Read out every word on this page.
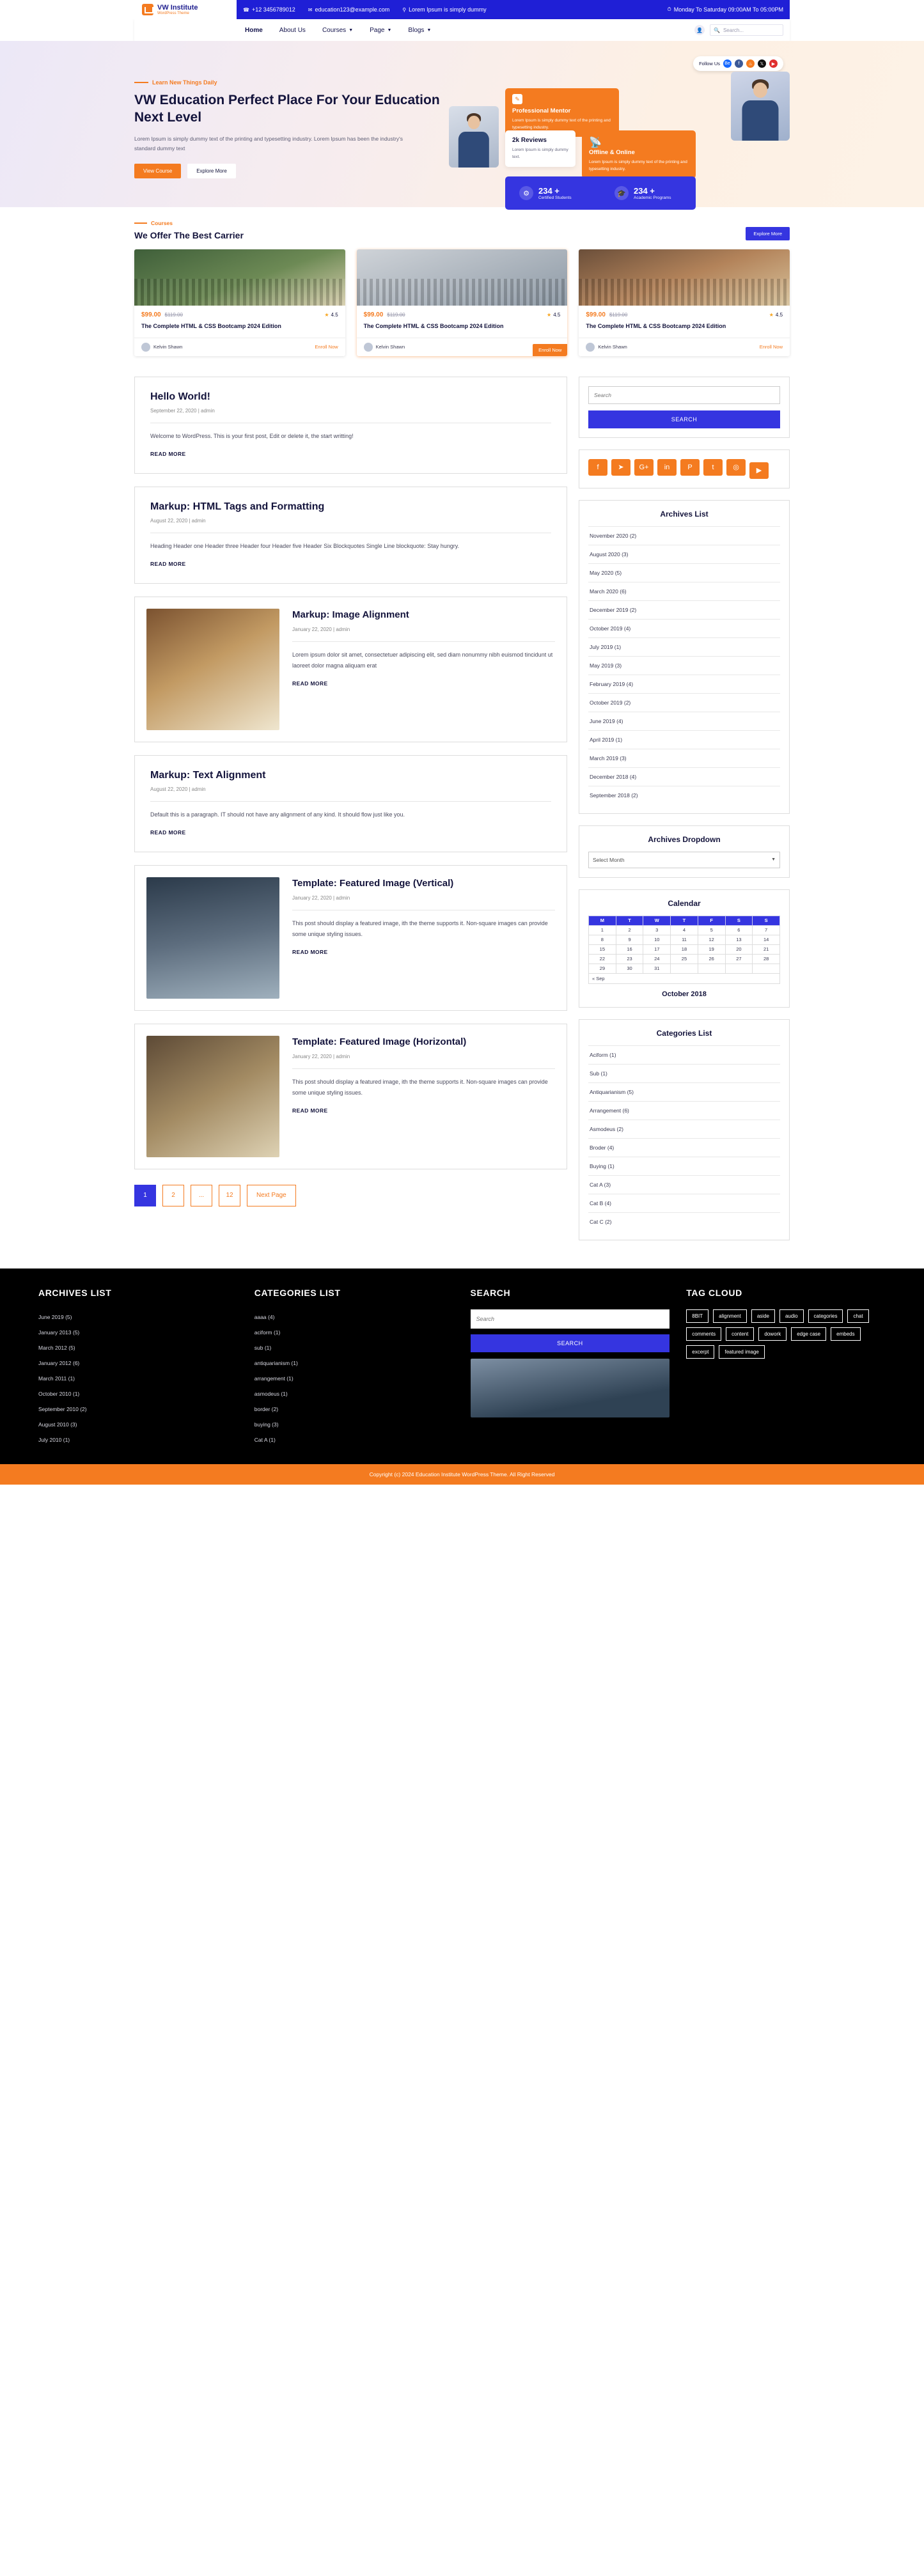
VW Institute
WordPress Theme
☎ +12 3456789012	✉ education123@example.com	⚲ Lorem Ipsum is simply dummy	⏱ Monday To Saturday 09:00AM To 05:00PM
Home	About Us	Courses ▼	Page ▼	Blogs ▼	👤	🔍 Search...
Learn New Things Daily
VW Education Perfect Place For Your Education Next Level
Lorem Ipsum is simply dummy text of the printing and typesetting industry. Lorem Ipsum has been the industry's standard dummy text
View Course	Explore More
Follow Us	Be	f	♨	𝕏	▶
✎
Professional Mentor

Lorem Ipsum is simply dummy text of the printing and typesetting industry.

2k Reviews

Lorem Ipsum is simply dummy text.

📡
Offline & Online

Lorem Ipsum is simply dummy text of the printing and typesetting industry.

⚙	234 +
Certified Students
🎓 234 +
Academic Programs
Courses
We Offer The Best Carrier	Explore More
$99.00 $119.00	★ 4.5
The Complete HTML & CSS Bootcamp 2024 Edition
Kelvin Shawn	Enroll Now
$99.00 $119.00	★ 4.5
The Complete HTML & CSS Bootcamp 2024 Edition
Kelvin Shawn	Enroll Now
$99.00 $119.00	★ 4.5
The Complete HTML & CSS Bootcamp 2024 Edition
Kelvin Shawn	Enroll Now
Hello World!
September 22, 2020 | admin

Welcome to WordPress. This is your first post, Edit or delete it, the start writting!

READ MORE
Markup: HTML Tags and Formatting
August 22, 2020 | admin

Heading Header one Header three Header four Header five Header Six Blockquotes Single Line blockquote: Stay hungry.

READ MORE
Markup: Image Alignment
January 22, 2020 | admin

Lorem ipsum dolor sit amet, consectetuer adipiscing elit, sed diam nonummy nibh euismod tincidunt ut laoreet dolor magna aliquam erat

READ MORE
Markup: Text Alignment
August 22, 2020 | admin

Default this is a paragraph. IT should not have any alignment of any kind. It should flow just like you.

READ MORE
Template: Featured Image (Vertical)
January 22, 2020 | admin

This post should display a featured image, ith the theme supports it. Non-square images can provide some unique styling issues.

READ MORE
Template: Featured Image (Horizontal)
January 22, 2020 | admin

This post should display a featured image, ith the theme supports it. Non-square images can provide some unique styling issues.

READ MORE
1	2	...	12	Next Page
Search SEARCH
f	➤	G+	in	P	t	◎	▶
Archives List
November 2020 (2)
August 2020 (3)
May 2020 (5)
March 2020 (6)
December 2019 (2)
October 2019 (4)
July 2019 (1)
May 2019 (3)
February 2019 (4)
October 2019 (2)
June 2019 (4)
April 2019 (1)
March 2019 (3)
December 2018 (4)
September 2018 (2)
Archives Dropdown
Select Month	▼
Calendar
M	T	W	T	F	S	S
1	2	3	4	5	6	7
8	9	10	11	12	13	14
15	16	17	18	19	20	21
22	23	24	25	26	27	28
29	30	31				
« Sep
October 2018
Categories List
Aciform (1)
Sub (1)
Antiquarianism (5)
Arrangement (6)
Asmodeus (2)
Broder (4)
Buying (1)
Cat A (3)
Cat B (4)
Cat C (2)
ARCHIVES LIST
June 2019 (5)
January 2013 (5)
March 2012 (5)
January 2012 (6)
March 2011 (1)
October 2010 (1)
September 2010 (2)
August 2010 (3)
July 2010 (1)
CATEGORIES LIST
aaaa (4)
aciform (1)
sub (1)
antiquarianism (1)
arrangement (1)
asmodeus (1)
border (2)
buying (3)
Cat A (1)
SEARCH
Search SEARCH
TAG CLOUD
8BIT	alignment	aside	audio	categories	chat
comments	content	dowork	edge case	embeds
excerpt	featured image
Copyright (c) 2024 Education Institute WordPress Theme. All Right Reserved
